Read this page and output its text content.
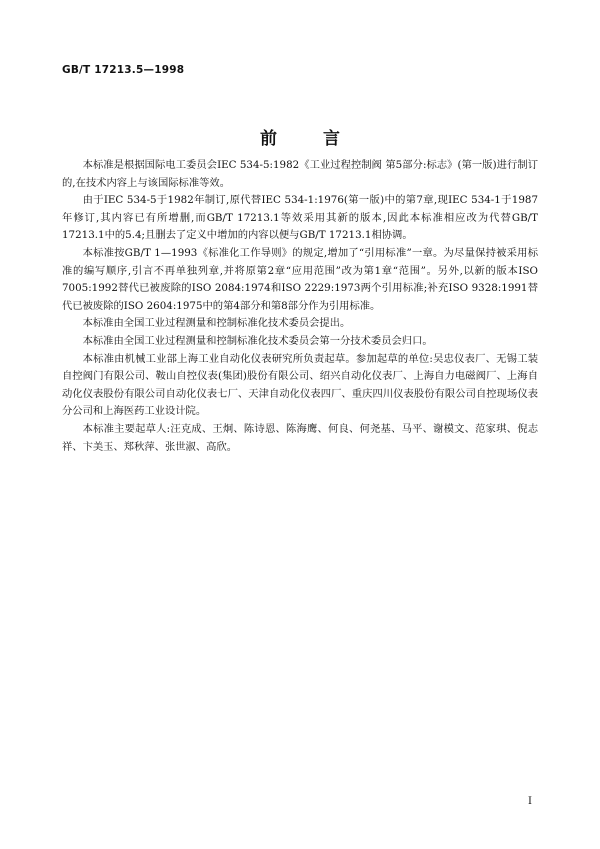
GB/T 17213.5—1998
前 言

本标准是根据国际电工委员会IEC 534-5:1982《工业过程控制阀 第5部分:标志》(第一版)进行制订的,在技术内容上与该国际标准等效。

由于IEC 534-5于1982年制订,原代替IEC 534-1:1976(第一版)中的第7章,现IEC 534-1于1987年修订,其内容已有所增删,而GB/T 17213.1等效采用其新的版本,因此本标准相应改为代替GB/T 17213.1中的5.4;且删去了定义中增加的内容以便与GB/T 17213.1相协调。

本标准按GB/T 1—1993《标准化工作导则》的规定,增加了“引用标准”一章。为尽量保持被采用标准的编写顺序,引言不再单独列章,并将原第2章“应用范围”改为第1章“范围”。另外,以新的版本ISO 7005:1992替代已被废除的ISO 2084:1974和ISO 2229:1973两个引用标准;补充ISO 9328:1991替代已被废除的ISO 2604:1975中的第4部分和第8部分作为引用标准。

本标准由全国工业过程测量和控制标准化技术委员会提出。

本标准由全国工业过程测量和控制标准化技术委员会第一分技术委员会归口。

本标准由机械工业部上海工业自动化仪表研究所负责起草。参加起草的单位:吴忠仪表厂、无锡工装自控阀门有限公司、鞍山自控仪表(集团)股份有限公司、绍兴自动化仪表厂、上海自力电磁阀厂、上海自动化仪表股份有限公司自动化仪表七厂、天津自动化仪表四厂、重庆四川仪表股份有限公司自控现场仪表分公司和上海医药工业设计院。

本标准主要起草人:汪克成、王炯、陈诗恩、陈海鹰、何良、何尧基、马平、谢模文、范家琪、倪志祥、卞美玉、郑秋萍、张世淑、高欣。

I
